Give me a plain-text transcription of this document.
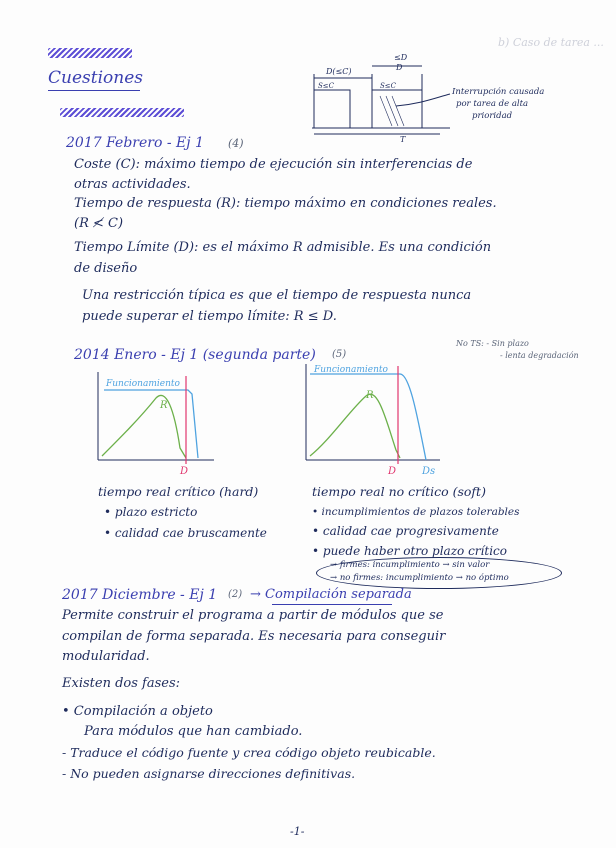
b) Caso de tarea ...
Cuestiones	D(≤C)
≤D
D
S≤C	S≤C
T
Interrupción causada
por tarea de alta
prioridad
2017 Febrero - Ej 1 (4)
Coste (C): máximo tiempo de ejecución sin interferencias de
otras actividades.
Tiempo de respuesta (R): tiempo máximo en condiciones reales.
(R ≮ C)
Tiempo Límite (D): es el máximo R admisible. Es una condición
de diseño
Una restricción típica es que el tiempo de respuesta nunca
puede superar el tiempo límite: R ≤ D.
2014 Enero - Ej 1 (segunda parte) (5)
No TS: - Sin plazo
- lenta degradación
Funcionamiento
R
D
Funcionamiento
R
D	Ds
tiempo real crítico (hard)
• plazo estricto
• calidad cae bruscamente
tiempo real no crítico (soft)
• incumplimientos de plazos tolerables
• calidad cae progresivamente
• puede haber otro plazo crítico
→ firmes: incumplimiento → sin valor
→ no firmes: incumplimiento → no óptimo
2017 Diciembre - Ej 1 (2) → Compilación separada
Permite construir el programa a partir de módulos que se
compilan de forma separada. Es necesaria para conseguir
modularidad.
Existen dos fases:
• Compilación a objeto
Para módulos que han cambiado.
- Traduce el código fuente y crea código objeto reubicable.
- No pueden asignarse direcciones definitivas.
-1-
